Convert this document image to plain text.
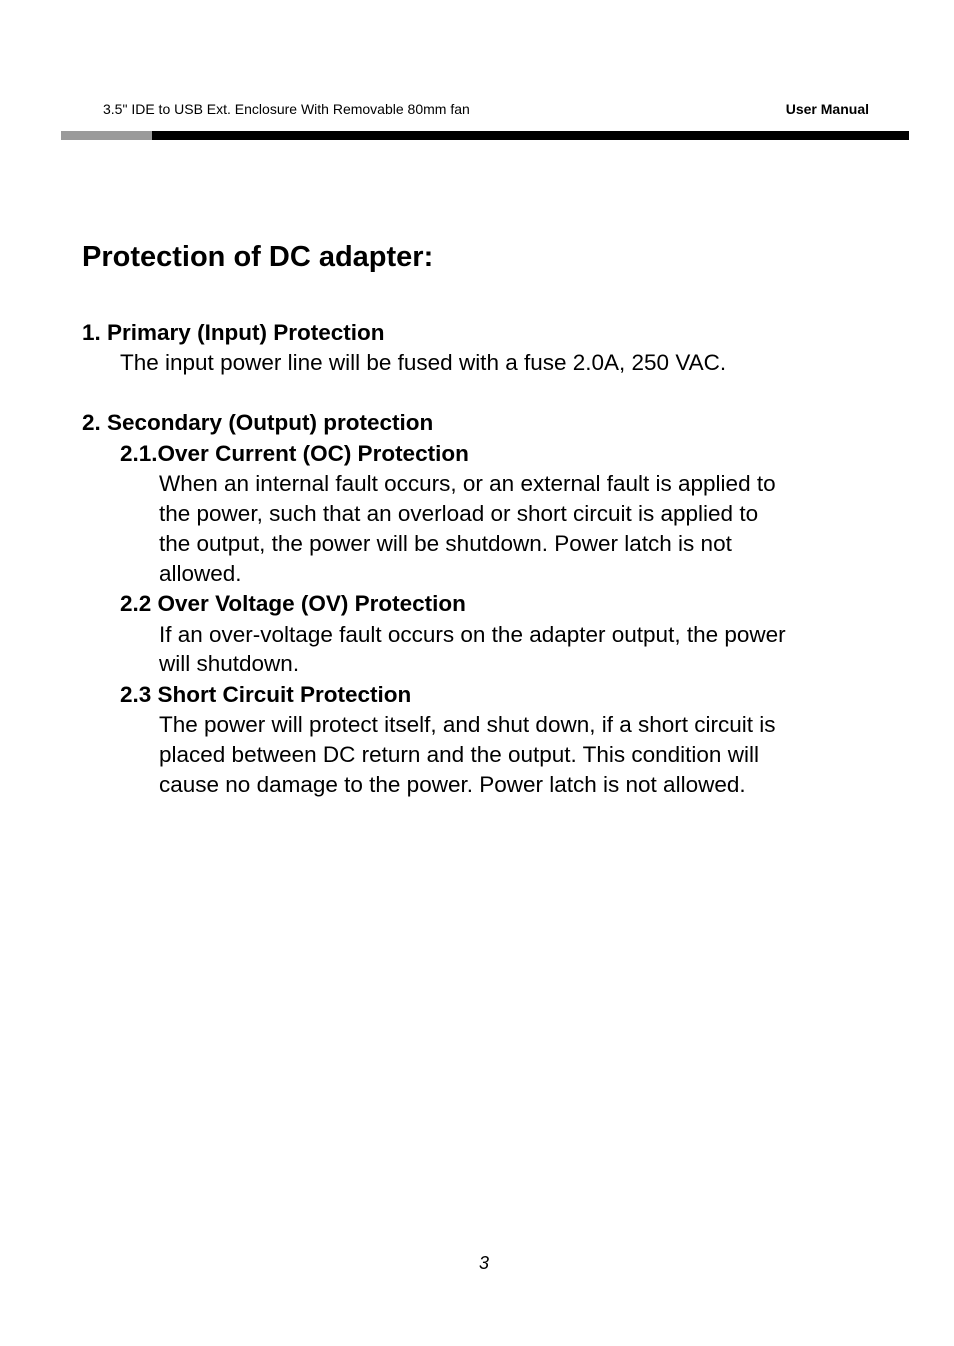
3.5" IDE to USB Ext. Enclosure With Removable 80mm fan	User Manual
Protection of DC adapter:
1. Primary (Input) Protection
The input power line will be fused with a fuse 2.0A, 250 VAC.
2. Secondary (Output) protection
2.1.Over Current (OC) Protection
When an internal fault occurs, or an external fault is applied to
the power, such that an overload or short circuit is applied to
the output, the power will be shutdown. Power latch is not
allowed.
2.2 Over Voltage (OV) Protection
If an over-voltage fault occurs on the adapter output, the power
will shutdown.
2.3 Short Circuit Protection
The power will protect itself, and shut down, if a short circuit is
placed between DC return and the output. This condition will
cause no damage to the power. Power latch is not allowed.
3
